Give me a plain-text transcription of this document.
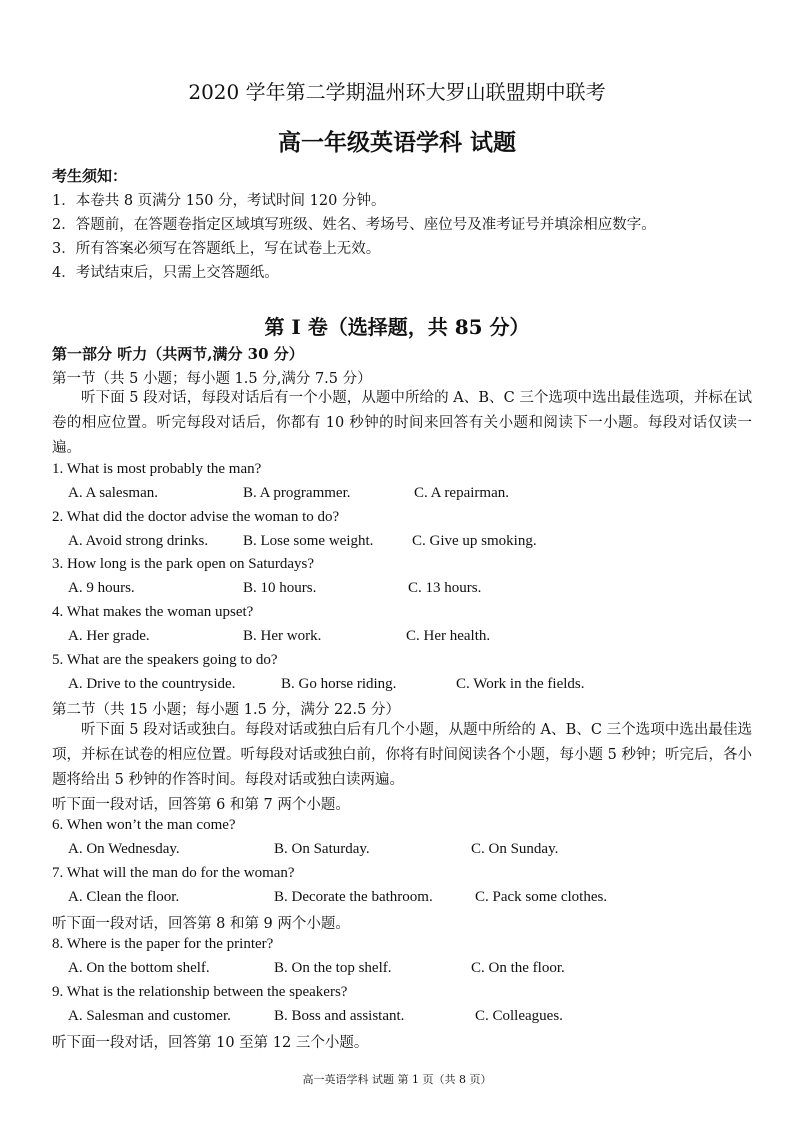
2020 学年第二学期温州环大罗山联盟期中联考
高一年级英语学科 试题
考生须知：
1．本卷共 8 页满分 150 分，考试时间 120 分钟。
2．答题前，在答题卷指定区域填写班级、姓名、考场号、座位号及准考证号并填涂相应数字。
3．所有答案必须写在答题纸上，写在试卷上无效。
4．考试结束后，只需上交答题纸。
第 I 卷（选择题，共 85 分）
第一部分 听力（共两节,满分 30 分）
第一节（共 5 小题；每小题 1.5 分,满分 7.5 分）
听下面 5 段对话，每段对话后有一个小题，从题中所给的 A、B、C 三个选项中选出最佳选项，并标在试卷的相应位置。听完每段对话后，你都有 10 秒钟的时间来回答有关小题和阅读下一小题。每段对话仅读一遍。
1. What is most probably the man?
A. A salesman.	B. A programmer.	C. A repairman.
2. What did the doctor advise the woman to do?
A. Avoid strong drinks. B. Lose some weight.	C. Give up smoking.
3. How long is the park open on Saturdays?
A. 9 hours.	B. 10 hours.	C. 13 hours.
4. What makes the woman upset?
A. Her grade.	B. Her work.	C. Her health.
5. What are the speakers going to do?
A. Drive to the countryside.	B. Go horse riding.	C. Work in the fields.
第二节（共 15 小题；每小题 1.5 分，满分 22.5 分）
听下面 5 段对话或独白。每段对话或独白后有几个小题，从题中所给的 A、B、C 三个选项中选出最佳选项，并标在试卷的相应位置。听每段对话或独白前，你将有时间阅读各个小题，每小题 5 秒钟；听完后，各小题将给出 5 秒钟的作答时间。每段对话或独白读两遍。
听下面一段对话，回答第 6 和第 7 两个小题。
6. When won’t the man come?
A. On Wednesday.	B. On Saturday.	C. On Sunday.
7. What will the man do for the woman?
A. Clean the floor.	B. Decorate the bathroom.	C. Pack some clothes.
听下面一段对话，回答第 8 和第 9 两个小题。
8. Where is the paper for the printer?
A. On the bottom shelf.	B. On the top shelf.	C. On the floor.
9. What is the relationship between the speakers?
A. Salesman and customer.	B. Boss and assistant.	C. Colleagues.
听下面一段对话，回答第 10 至第 12 三个小题。
高一英语学科 试题 第 1 页（共 8 页）
